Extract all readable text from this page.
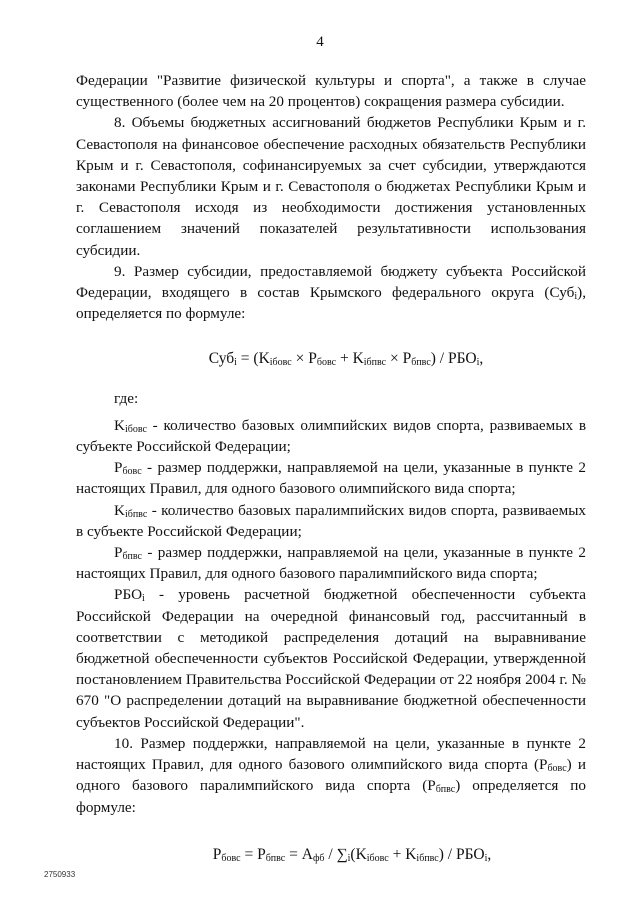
4

Федерации "Развитие физической культуры и спорта", а также в случае существенного (более чем на 20 процентов) сокращения размера субсидии.

8. Объемы бюджетных ассигнований бюджетов Республики Крым и г. Севастополя на финансовое обеспечение расходных обязательств Республики Крым и г. Севастополя, софинансируемых за счет субсидии, утверждаются законами Республики Крым и г. Севастополя о бюджетах Республики Крым и г. Севастополя исходя из необходимости достижения установленных соглашением значений показателей результативности использования субсидии.

9. Размер субсидии, предоставляемой бюджету субъекта Российской Федерации, входящего в состав Крымского федерального округа (Суб$_i$), определяется по формуле:

$Суб_i = (K_{iбовс} \times P_{бовс} + K_{iбпвс} \times P_{бпвс}) / РБО_i$,

где:

$K_{iбовс}$ - количество базовых олимпийских видов спорта, развиваемых в субъекте Российской Федерации;

$P_{бовс}$ - размер поддержки, направляемой на цели, указанные в пункте 2 настоящих Правил, для одного базового олимпийского вида спорта;

$K_{iбпвс}$ - количество базовых паралимпийских видов спорта, развиваемых в субъекте Российской Федерации;

$P_{бпвс}$ - размер поддержки, направляемой на цели, указанные в пункте 2 настоящих Правил, для одного базового паралимпийского вида спорта;

$РБО_i$ - уровень расчетной бюджетной обеспеченности субъекта Российской Федерации на очередной финансовый год, рассчитанный в соответствии с методикой распределения дотаций на выравнивание бюджетной обеспеченности субъектов Российской Федерации, утвержденной постановлением Правительства Российской Федерации от 22 ноября 2004 г. № 670 "О распределении дотаций на выравнивание бюджетной обеспеченности субъектов Российской Федерации".

10. Размер поддержки, направляемой на цели, указанные в пункте 2 настоящих Правил, для одного базового олимпийского вида спорта $(P_{бовс})$ и одного базового паралимпийского вида спорта $(P_{бпвс})$ определяется по формуле:

$P_{бовс} = P_{бпвс} = A_{фб} / \sum_i(K_{iбовс} + K_{iбпвс}) / РБО_i$,

2750933
